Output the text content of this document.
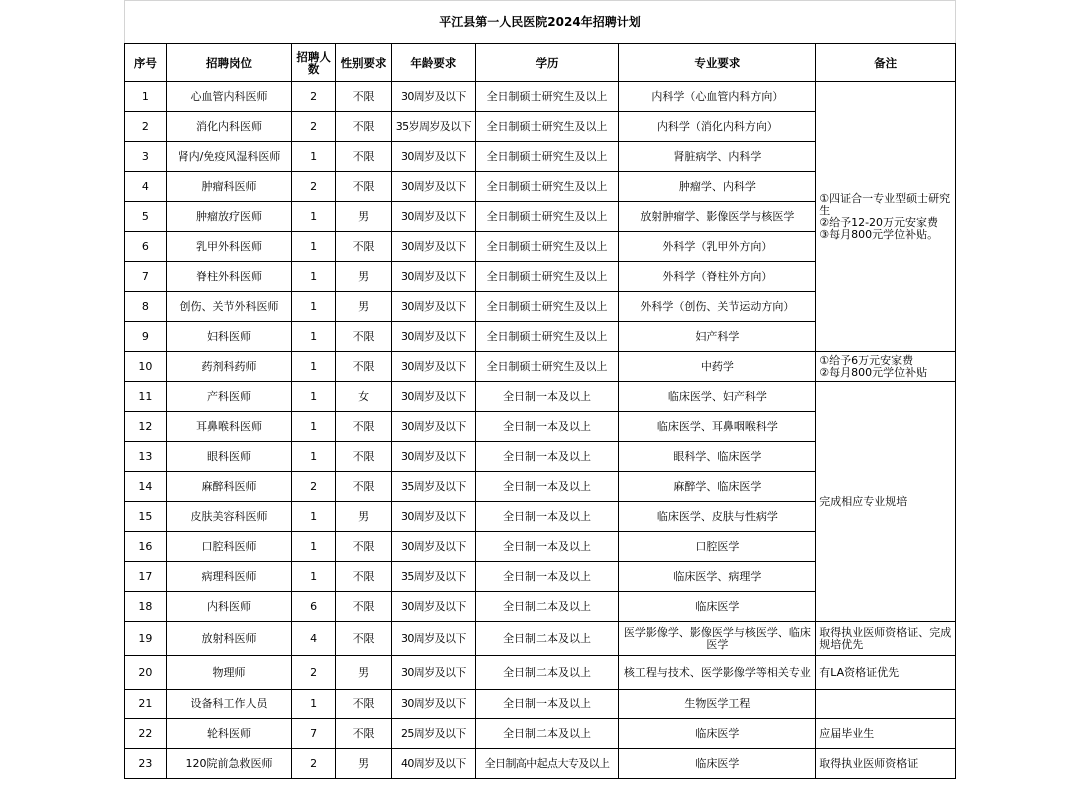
平江县第一人民医院2024年招聘计划							
序号	招聘岗位	招聘人数	性别要求	年龄要求	学历	专业要求	备注
1	心血管内科医师	2	不限	30周岁及以下	全日制硕士研究生及以上	内科学（心血管内科方向）	①四证合一专业型硕士研究生
②给予12-20万元安家费
③每月800元学位补贴。
2	消化内科医师	2	不限	35岁周岁及以下	全日制硕士研究生及以上	内科学（消化内科方向）	
3	肾内/免疫风湿科医师	1	不限	30周岁及以下	全日制硕士研究生及以上	肾脏病学、内科学	
4	肿瘤科医师	2	不限	30周岁及以下	全日制硕士研究生及以上	肿瘤学、内科学	
5	肿瘤放疗医师	1	男	30周岁及以下	全日制硕士研究生及以上	放射肿瘤学、影像医学与核医学	
6	乳甲外科医师	1	不限	30周岁及以下	全日制硕士研究生及以上	外科学（乳甲外方向）	
7	脊柱外科医师	1	男	30周岁及以下	全日制硕士研究生及以上	外科学（脊柱外方向）	
8	创伤、关节外科医师	1	男	30周岁及以下	全日制硕士研究生及以上	外科学（创伤、关节运动方向）	
9	妇科医师	1	不限	30周岁及以下	全日制硕士研究生及以上	妇产科学	
10	药剂科药师	1	不限	30周岁及以下	全日制硕士研究生及以上	中药学	①给予6万元安家费
②每月800元学位补贴
11	产科医师	1	女	30周岁及以下	全日制一本及以上	临床医学、妇产科学	完成相应专业规培
12	耳鼻喉科医师	1	不限	30周岁及以下	全日制一本及以上	临床医学、耳鼻咽喉科学	
13	眼科医师	1	不限	30周岁及以下	全日制一本及以上	眼科学、临床医学	
14	麻醉科医师	2	不限	35周岁及以下	全日制一本及以上	麻醉学、临床医学	
15	皮肤美容科医师	1	男	30周岁及以下	全日制一本及以上	临床医学、皮肤与性病学	
16	口腔科医师	1	不限	30周岁及以下	全日制一本及以上	口腔医学	
17	病理科医师	1	不限	35周岁及以下	全日制一本及以上	临床医学、病理学	
18	内科医师	6	不限	30周岁及以下	全日制二本及以上	临床医学	
19	放射科医师	4	不限	30周岁及以下	全日制二本及以上	医学影像学、影像医学与核医学、临床医学	取得执业医师资格证、完成规培优先
20	物理师	2	男	30周岁及以下	全日制二本及以上	核工程与技术、医学影像学等相关专业	有LA资格证优先
21	设备科工作人员	1	不限	30周岁及以下	全日制一本及以上	生物医学工程	
22	轮科医师	7	不限	25周岁及以下	全日制二本及以上	临床医学	应届毕业生
23	120院前急救医师	2	男	40周岁及以下	全日制高中起点大专及以上	临床医学	取得执业医师资格证
